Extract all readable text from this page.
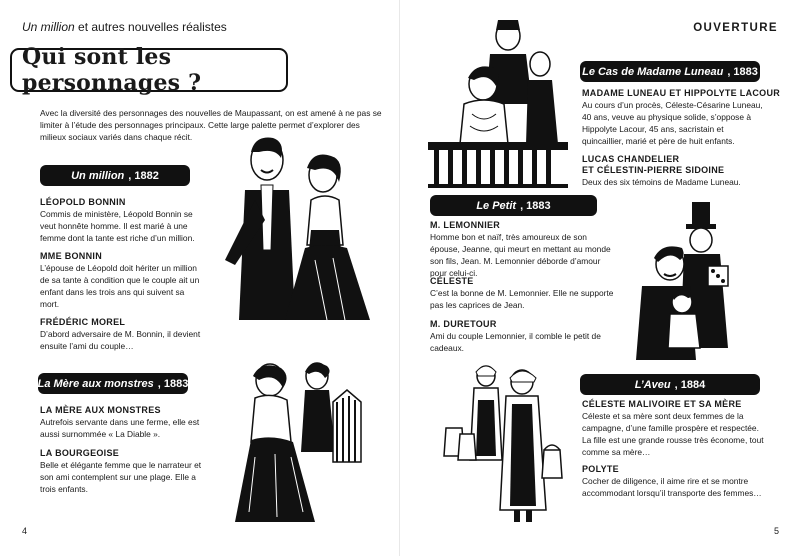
Un million et autres nouvelles réalistes
Qui sont les personnages ?
Avec la diversité des personnages des nouvelles de Maupassant, on est amené à ne pas se limiter à l’étude des personnages principaux. Cette large palette permet d’explorer des milieux sociaux variés dans chaque récit.
Un million , 1882
LÉOPOLD BONNIN
Commis de ministère, Léopold Bonnin se veut honnête homme. Il est marié à une femme dont la tante est riche d’un million.
MME BONNIN
L’épouse de Léopold doit hériter un million de sa tante à condition que le couple ait un enfant dans les trois ans qui suivent sa mort.
FRÉDÉRIC MOREL
D’abord adversaire de M. Bonnin, il devient ensuite l’ami du couple…
La Mère aux monstres , 1883
LA MÈRE AUX MONSTRES
Autrefois servante dans une ferme, elle est aussi surnommée « La Diable ».
LA BOURGEOISE
Belle et élégante femme que le narrateur et son ami contemplent sur une plage. Elle a trois enfants.
4
OUVERTURE
Le Cas de Madame Luneau , 1883
MADAME LUNEAU ET HIPPOLYTE LACOUR
Au cours d’un procès, Céleste-Césarine Luneau, 40 ans, veuve au physique solide, s’oppose à Hippolyte Lacour, 45 ans, sacristain et quincaillier, marié et père de huit enfants.
LUCAS CHANDELIER
ET CÉLESTIN-PIERRE SIDOINE
Deux des six témoins de Madame Luneau.
Le Petit , 1883
M. LEMONNIER
Homme bon et naïf, très amoureux de son épouse, Jeanne, qui meurt en mettant au monde son fils, Jean. M. Lemonnier déborde d’amour pour celui-ci.
CÉLESTE
C’est la bonne de M. Lemonnier. Elle ne supporte pas les caprices de Jean.
M. DURETOUR
Ami du couple Lemonnier, il comble le petit de cadeaux.
L’Aveu , 1884
CÉLESTE MALIVOIRE ET SA MÈRE
Céleste et sa mère sont deux femmes de la campagne, d’une famille prospère et respectée. La fille est une grande rousse très économe, tout comme sa mère…
POLYTE
Cocher de diligence, il aime rire et se montre accommodant lorsqu’il transporte des femmes…
5
